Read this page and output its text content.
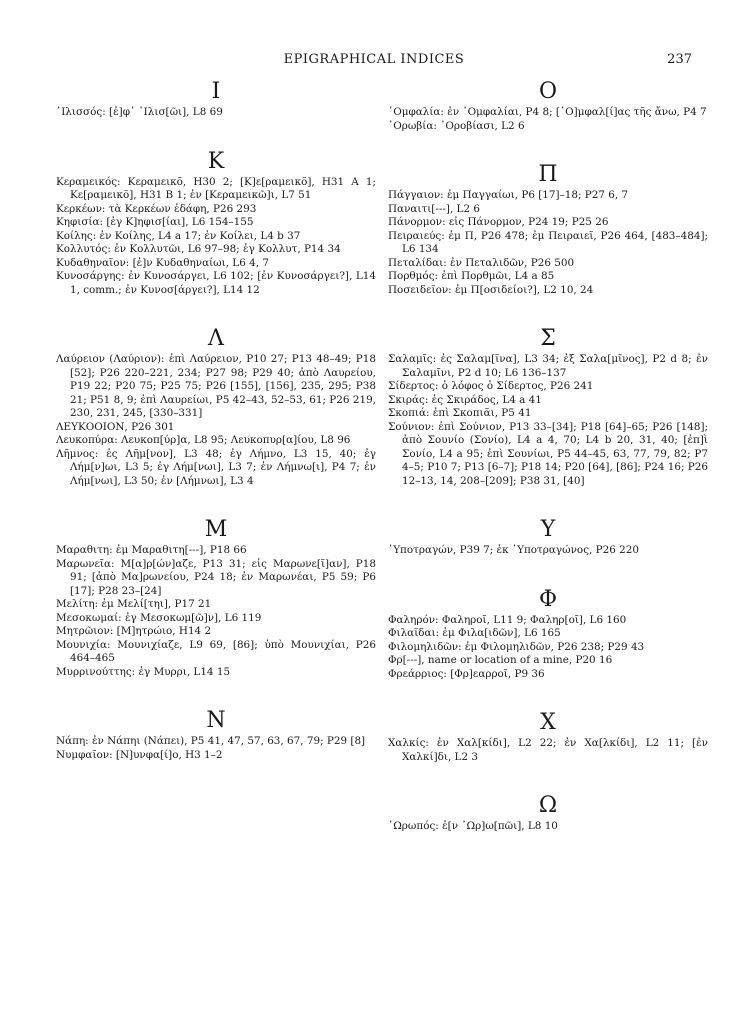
EPIGRAPHICAL INDICES	237
I

῾Ιλισσός: [ἐ]φ᾽ ῾Ιλισ[ῶι], L8 69

K

Κεραμεικός: Κεραμεικõ, H30 2; [Κ]ε[ραμεικõ], H31 A 1; Κε[ραμεικõ], H31 B 1; ἐν [Κεραμεικῶ]ι, L7 51

Κερκέων: τὰ Κερκέων ἐδάφη, P26 293

Κηφισία: [ἐγ Κ]ηφισ[ίαι], L6 154–155

Κοίλης: ἐν Κοίλης, L4 a 17; ἐν Κοίλει, L4 b 37

Κολλυτός: ἐν Κολλυτῶι, L6 97–98; ἐγ Κολλυτ, P14 34

Κυδαθηναῖον: [ἐ]ν Κυδαθηναίωι, L6 4, 7

Κυνοσάργης: ἐν Κυνοσάργει, L6 102; [ἐν Κυνοσάργει?], L14 1, comm.; ἐν Κυνοσ[άργει?], L14 12

Λ

Λαύρειον (Λαύριον): ἐπὶ Λαύρειον, P10 27; P13 48–49; P18 [52]; P26 220–221, 234; P27 98; P29 40; ἀπὸ Λαυρείου, P19 22; P20 75; P25 75; P26 [155], [156], 235, 295; P38 21; P51 8, 9; ἐπὶ Λαυρείωι, P5 42–43, 52–53, 61; P26 219, 230, 231, 245, [330–331]

ΛΕΥΚΟΟΙΟΝ, P26 301

Λευκοπύρα: Λευκοπ[ύρ]α, L8 95; Λευκοπυρ[α]ίου, L8 96

Λῆμνος: ἐς Λῆμ[νον], L3 48; ἐγ Λήμνο, L3 15, 40; ἐγ Λήμ[ν]ωι, L3 5; ἐγ Λήμ[νωι], L3 7; ἐν Λήμνω[ι], P4 7; ἐν Λήμ[νωι], L3 50; ἐν [Λήμνωι], L3 4

M

Μαραθιτη: ἐμ Μαραθιτη[---], P18 66

Μαρωνεῖα: Μ[α]ρ[ών]αζε, P13 31; εἰς Μαρωνε[ῖ]αν], P18 91; [ἀπὸ Μα]ρωνείου, P24 18; ἐν Μαρωνέαι, P5 59; P6 [17]; P28 23–[24]

Μελίτη: ἐμ Μελί[τηι], P17 21

Μεσοκωμαί: ἐγ Μεσοκωμ[ῶ]ν], L6 119

Μητρῶιον: [Μ]ητρώιο, H14 2

Μουνιχία: Μουνιχίαζε, L9 69, [86]; ὑπὸ Μουνιχίαι, P26 464–465

Μυρρινούττης: ἐγ Μυρρι, L14 15

N

Νάπη: ἐν Νάπηι (Νάπει), P5 41, 47, 57, 63, 67, 79; P29 [8]

Νυμφαῖον: [Ν]υνφα[ί]ο, H3 1–2

O

᾽Ομφαλία: ἐν ᾽Ομφαλίαι, P4 8; [᾽Ο]μφαλ[ί]ας τῆς ἄνω, P4 7

᾽Ορωβία: ᾽Οροβίασι, L2 6

Π

Πάγγαιον: ἐμ Παγγαίωι, P6 [17]–18; P27 6, 7

Παναιτι[---], L2 6

Πάνορμον: εἰς Πάνορμον, P24 19; P25 26

Πειραιεύς: ἐμ Π, P26 478; ἐμ Πειραιεῖ, P26 464, [483–484]; L6 134

Πεταλίδαι: ἐν Πεταλιδῶν, P26 500

Πορθμός: ἐπὶ Πορθμῶι, L4 a 85

Ποσειδεῖον: ἐμ Π[οσιδείοι?], L2 10, 24

Σ

Σαλαμῖς: ἐς Σαλαμ[ῖνα], L3 34; ἐξ Σαλα[μῖνος], P2 d 8; ἐν Σαλαμῖνι, P2 d 10; L6 136–137

Σίδερτος: ὁ λόφος ὁ Σίδερτος, P26 241

Σκιράς: ἐς Σκιράδος, L4 a 41

Σκοπιά: ἐπὶ Σκοπιᾶι, P5 41

Σούνιον: ἐπὶ Σούνιον, P13 33–[34]; P18 [64]–65; P26 [148]; ἀπὸ Σουνίο (Σονίο), L4 a 4, 70; L4 b 20, 31, 40; [ἐπ]ὶ Σονίο, L4 a 95; ἐπὶ Σουνίωι, P5 44–45, 63, 77, 79, 82; P7 4–5; P10 7; P13 [6–7]; P18 14; P20 [64], [86]; P24 16; P26 12–13, 14, 208–[209]; P38 31, [40]

Υ

῾Υποτραγών, P39 7; ἐκ ῾Υποτραγώνος, P26 220

Φ

Φαληρόν: Φαληροῖ, L11 9; Φαληρ[οῖ], L6 160

Φιλαῖδαι: ἐμ Φιλα[ιδῶν], L6 165

Φιλομηλιδῶν: ἐμ Φιλομηλιδῶν, P26 238; P29 43

Φρ[---], name or location of a mine, P20 16

Φρεάρριος: [Φρ]εαρροῖ, P9 36

X

Χαλκίς: ἐν Χαλ[κίδι], L2 22; ἐν Χα[λκίδι], L2 11; [ἐν Χαλκί]δι, L2 3

Ω

᾽Ωρωπός: ἐ[ν ᾽Ωρ]ω[πῶι], L8 10
